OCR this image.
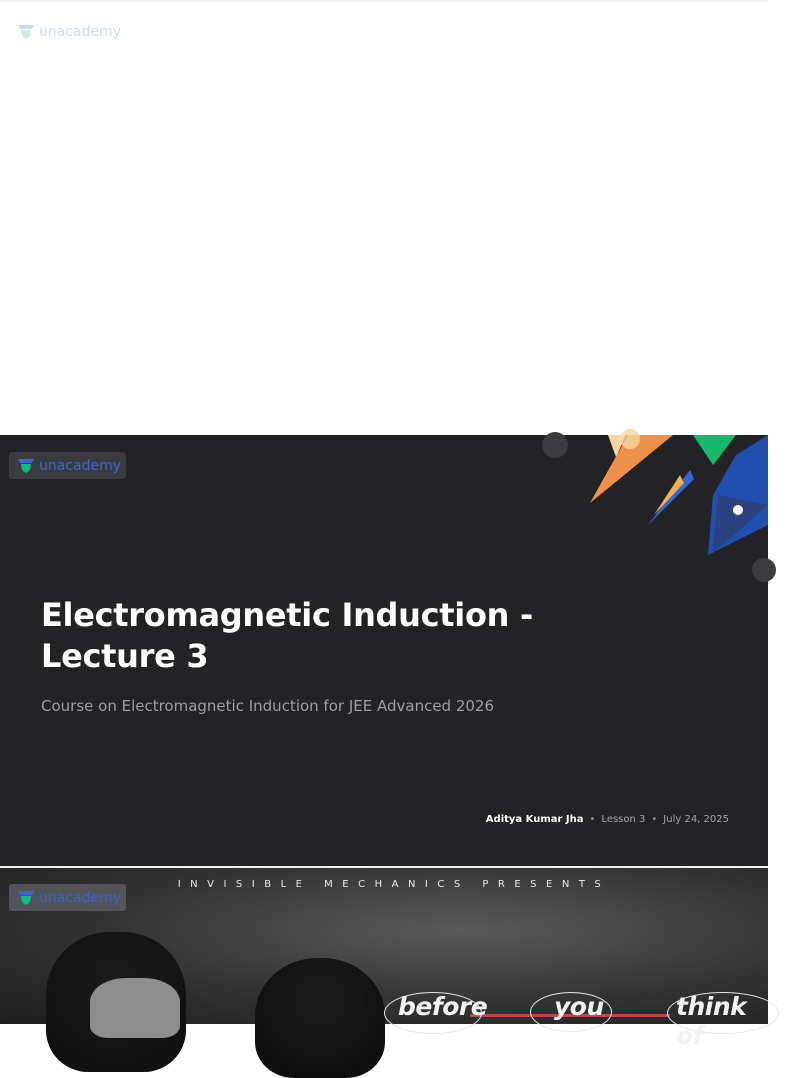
unacademy
unacademy
Electromagnetic Induction - Lecture 3
Course on Electromagnetic Induction for JEE Advanced 2026
Aditya Kumar Jha • Lesson 3 • July 24, 2025
unacademy
INVISIBLE MECHANICS PRESENTS
before	you	think of
